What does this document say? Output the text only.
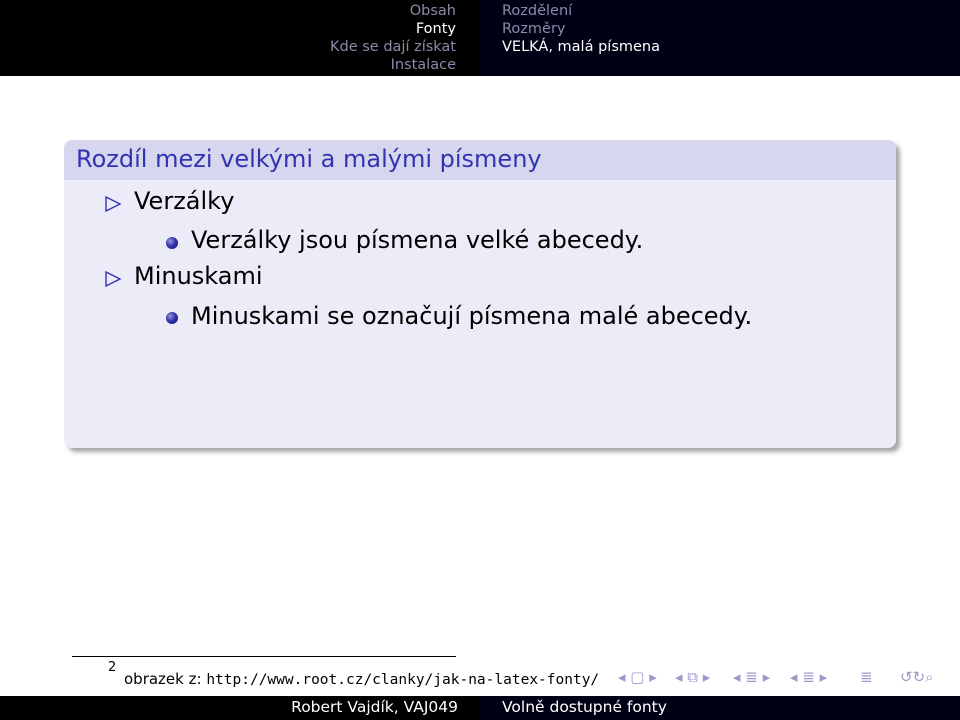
Obsah
Fonty
Kde se dají získat
Instalace
Rozdělení
Rozměry
VELKÁ, malá písmena
Rozdíl mezi velkými a malými písmeny
Verzálky
Verzálky jsou písmena velké abecedy.
Minuskami
Minuskami se označují písmena malé abecedy.
2
obrazek z: http://www.root.cz/clanky/jak-na-latex-fonty/ ◂ ▢ ▸ ◂ ⧉ ▸ ◂ ≣ ▸ ◂ ≣ ▸ ≣ ↺↻⌕
Robert Vajdík, VAJ049	Volně dostupné fonty
